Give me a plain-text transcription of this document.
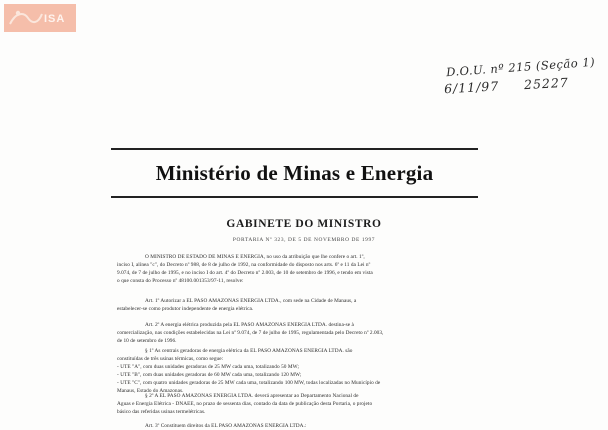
ISA
D.O.U. nº 215 (Seção 1)
6/11/97     25227
Ministério de Minas e Energia
GABINETE DO MINISTRO
PORTARIA Nº 323, DE 5 DE NOVEMBRO DE 1997
O MINISTRO DE ESTADO DE MINAS E ENERGIA, no uso da atribuição que lhe confere o art. 1º,
inciso I, alínea "c", do Decreto nº 988, de 8 de julho de 1992, na conformidade do disposto nos arts. 6º e 11 da Lei nº
9.074, de 7 de julho de 1995, e no inciso I do art. 4º do Decreto nº 2.003, de 10 de setembro de 1996, e tendo em vista
o que consta do Processo nº 48100.001353/97-11, resolve:
Art. 1º Autorizar a EL PASO AMAZONAS ENERGIA LTDA., com sede na Cidade de Manaus, a
estabelecer-se como produtor independente de energia elétrica.
Art. 2º A energia elétrica produzida pela EL PASO AMAZONAS ENERGIA LTDA. destina-se à
comercialização, nas condições estabelecidas na Lei nº 9.074, de 7 de julho de 1995, regulamentada pelo Decreto nº 2.003,
de 10 de setembro de 1996.
§ 1º As centrais geradoras de energia elétrica da EL PASO AMAZONAS ENERGIA LTDA. são
constituídas de três usinas térmicas, como segue:
- UTE "A", com duas unidades geradoras de 25 MW cada uma, totalizando 50 MW;
- UTE "B", com duas unidades geradoras de 60 MW cada uma, totalizando 120 MW;
- UTE "C", com quatro unidades geradoras de 25 MW cada uma, totalizando 100 MW, todas localizadas no Município de
Manaus, Estado do Amazonas.
§ 2º A EL PASO AMAZONAS ENERGIA LTDA. deverá apresentar ao Departamento Nacional de
Águas e Energia Elétrica - DNAEE, no prazo de sessenta dias, contado da data de publicação desta Portaria, o projeto
básico das referidas usinas termelétricas.
Art. 3º Constituem direitos da EL PASO AMAZONAS ENERGIA LTDA.:
